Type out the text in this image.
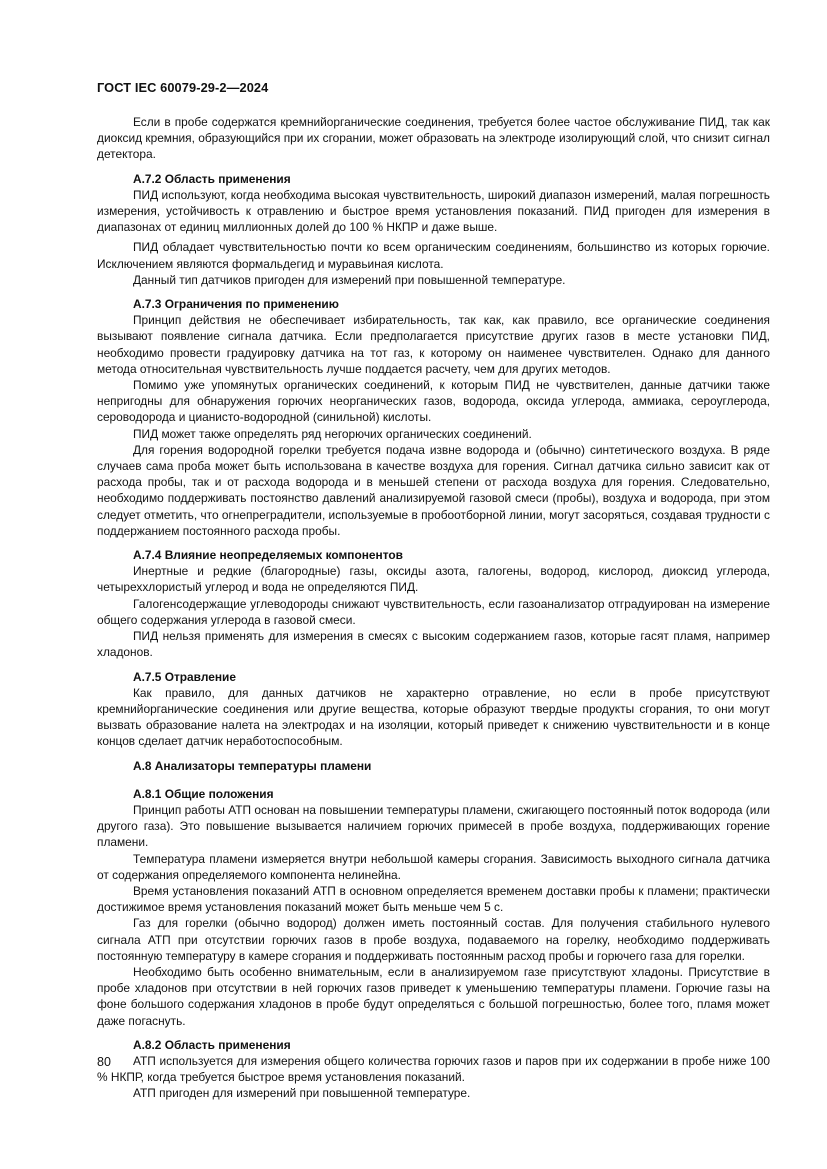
ГОСТ IEC 60079-29-2—2024

Если в пробе содержатся кремнийорганические соединения, требуется более частое обслуживание ПИД, так как диоксид кремния, образующийся при их сгорании, может образовать на электроде изолирующий слой, что снизит сигнал детектора.

А.7.2 Область применения

ПИД используют, когда необходима высокая чувствительность, широкий диапазон измерений, малая погрешность измерения, устойчивость к отравлению и быстрое время установления показаний. ПИД пригоден для измерения в диапазонах от единиц миллионных долей до 100 % НКПР и даже выше.

ПИД обладает чувствительностью почти ко всем органическим соединениям, большинство из которых горючие. Исключением являются формальдегид и муравьиная кислота.

Данный тип датчиков пригоден для измерений при повышенной температуре.

А.7.3 Ограничения по применению

Принцип действия не обеспечивает избирательность, так как, как правило, все органические соединения вызывают появление сигнала датчика. Если предполагается присутствие других газов в месте установки ПИД, необходимо провести градуировку датчика на тот газ, к которому он наименее чувствителен. Однако для данного метода относительная чувствительность лучше поддается расчету, чем для других методов.

Помимо уже упомянутых органических соединений, к которым ПИД не чувствителен, данные датчики также непригодны для обнаружения горючих неорганических газов, водорода, оксида углерода, аммиака, сероуглерода, сероводорода и цианисто-водородной (синильной) кислоты.

ПИД может также определять ряд негорючих органических соединений.

Для горения водородной горелки требуется подача извне водорода и (обычно) синтетического воздуха. В ряде случаев сама проба может быть использована в качестве воздуха для горения. Сигнал датчика сильно зависит как от расхода пробы, так и от расхода водорода и в меньшей степени от расхода воздуха для горения. Следовательно, необходимо поддерживать постоянство давлений анализируемой газовой смеси (пробы), воздуха и водорода, при этом следует отметить, что огнепреградители, используемые в пробоотборной линии, могут засоряться, создавая трудности с поддержанием постоянного расхода пробы.

А.7.4 Влияние неопределяемых компонентов

Инертные и редкие (благородные) газы, оксиды азота, галогены, водород, кислород, диоксид углерода, четыреххлористый углерод и вода не определяются ПИД.

Галогенсодержащие углеводороды снижают чувствительность, если газоанализатор отградуирован на измерение общего содержания углерода в газовой смеси.

ПИД нельзя применять для измерения в смесях с высоким содержанием газов, которые гасят пламя, например хладонов.

А.7.5 Отравление

Как правило, для данных датчиков не характерно отравление, но если в пробе присутствуют кремнийорганические соединения или другие вещества, которые образуют твердые продукты сгорания, то они могут вызвать образование налета на электродах и на изоляции, который приведет к снижению чувствительности и в конце концов сделает датчик неработоспособным.

А.8 Анализаторы температуры пламени

А.8.1 Общие положения

Принцип работы АТП основан на повышении температуры пламени, сжигающего постоянный поток водорода (или другого газа). Это повышение вызывается наличием горючих примесей в пробе воздуха, поддерживающих горение пламени.

Температура пламени измеряется внутри небольшой камеры сгорания. Зависимость выходного сигнала датчика от содержания определяемого компонента нелинейна.

Время установления показаний АТП в основном определяется временем доставки пробы к пламени; практически достижимое время установления показаний может быть меньше чем 5 с.

Газ для горелки (обычно водород) должен иметь постоянный состав. Для получения стабильного нулевого сигнала АТП при отсутствии горючих газов в пробе воздуха, подаваемого на горелку, необходимо поддерживать постоянную температуру в камере сгорания и поддерживать постоянным расход пробы и горючего газа для горелки.

Необходимо быть особенно внимательным, если в анализируемом газе присутствуют хладоны. Присутствие в пробе хладонов при отсутствии в ней горючих газов приведет к уменьшению температуры пламени. Горючие газы на фоне большого содержания хладонов в пробе будут определяться с большой погрешностью, более того, пламя может даже погаснуть.

А.8.2 Область применения

АТП используется для измерения общего количества горючих газов и паров при их содержании в пробе ниже 100 % НКПР, когда требуется быстрое время установления показаний.

АТП пригоден для измерений при повышенной температуре.

80
